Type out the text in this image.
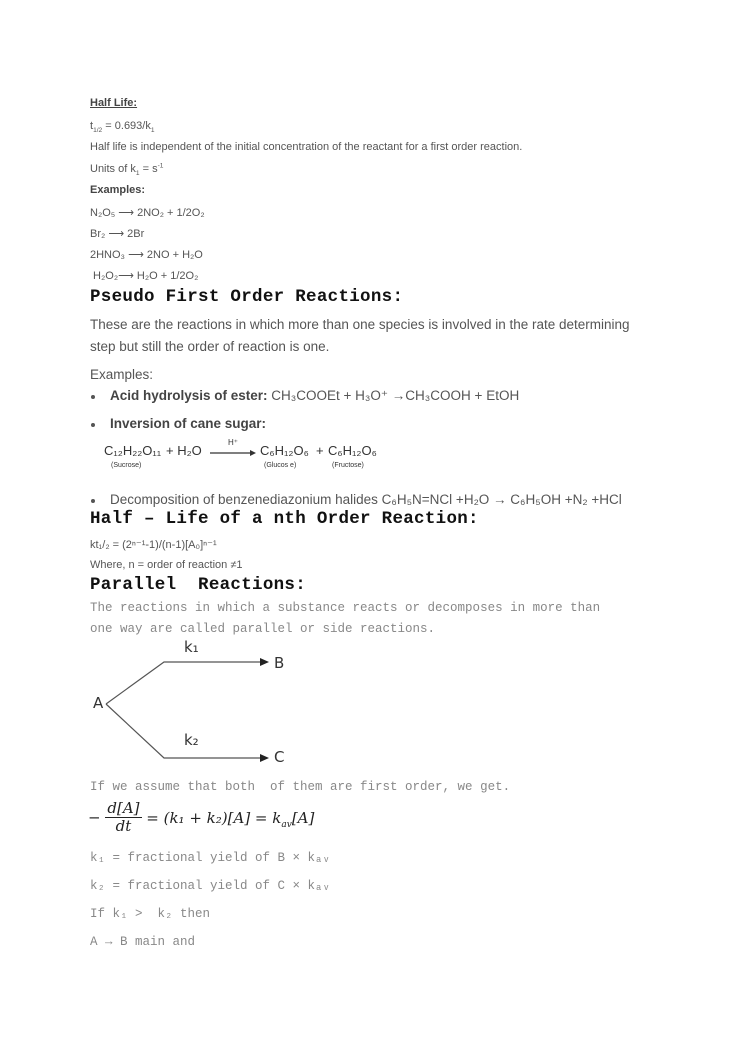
Half Life:
$t_{1/2} = 0.693/k_1$
Half life is independent of the initial concentration of the reactant for a first order reaction.
Units of $k_1 = s^{-1}$
Examples:
N₂O₅ ⟶ 2NO₂ + 1/2O₂
Br₂ ⟶ 2Br
2HNO₃ ⟶ 2NO + H₂O
H₂O₂⟶ H₂O + 1/2O₂
Pseudo First Order Reactions:
These are the reactions in which more than one species is involved in the rate determining
step but still the order of reaction is one.
Examples:
Acid hydrolysis of ester: CH₃COOEt + H₃O⁺ →CH₃COOH + EtOH
Inversion of cane sugar:
C₁₂H₂₂O₁₁ + H₂O
H⁺
→ C₆H₁₂O₆ + C₆H₁₂O₆
(Sucrose)	(Glucos e)	(Fructose)
Decomposition of benzenediazonium halides C₆H₅N=NCl +H₂O → C₆H₅OH +N₂ +HCl
Half – Life of a nth Order Reaction:
kt₁/₂ = (2ⁿ⁻¹-1)/(n-1)[A₀]ⁿ⁻¹
Where, n = order of reaction ≠1
Parallel  Reactions:
The reactions in which a substance reacts or decomposes in more than
one way are called parallel or side reactions.
A
B
C
k₁
k₂
If we assume that both  of them are first order, we get.
− $\frac{d[A]}{dt} = (k_1 + k_2)[A] = k_{av}[A]$
k₁ = fractional yield of B × kₐᵥ
k₂ = fractional yield of C × kₐᵥ
If k₁ >  k₂ then
A → B main and
